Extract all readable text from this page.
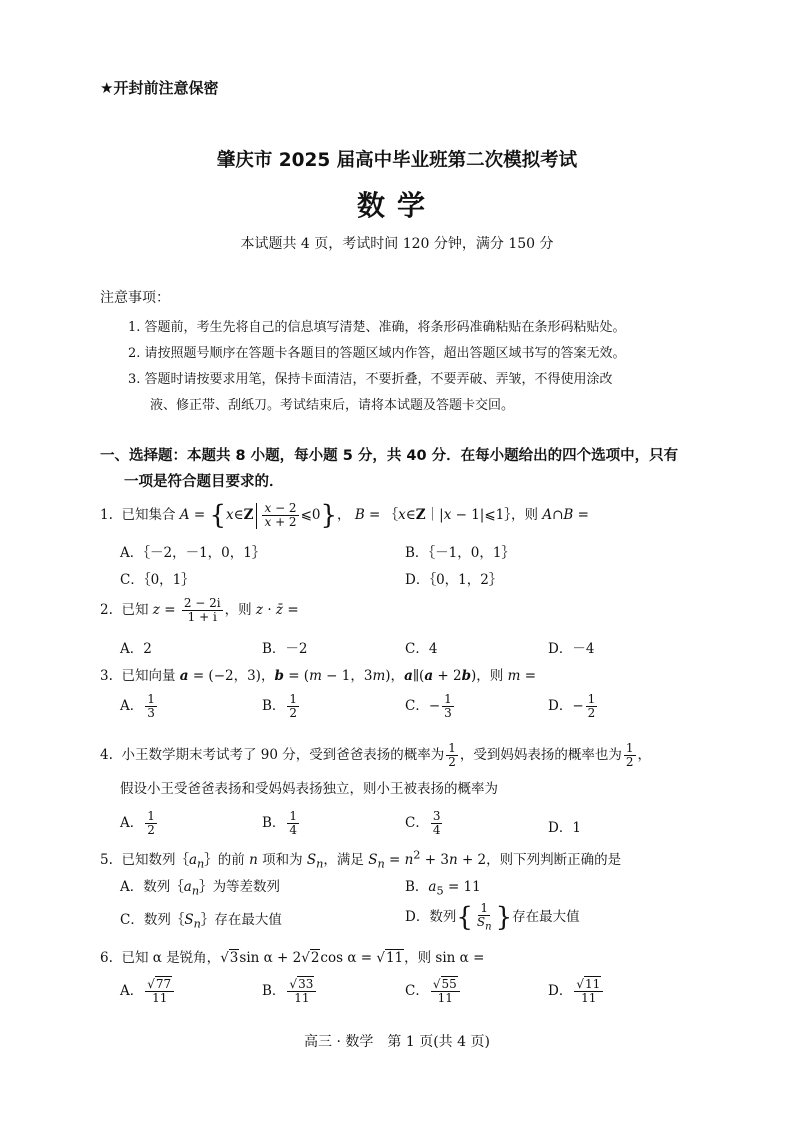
★开封前注意保密
肇庆市 2025 届高中毕业班第二次模拟考试
数学
本试题共 4 页，考试时间 120 分钟，满分 150 分
注意事项：
1. 答题前，考生先将自己的信息填写清楚、准确，将条形码准确粘贴在条形码粘贴处。
2. 请按照题号顺序在答题卡各题目的答题区域内作答，超出答题区域书写的答案无效。
3. 答题时请按要求用笔，保持卡面清洁，不要折叠，不要弄破、弄皱，不得使用涂改
液、修正带、刮纸刀。考试结束后，请将本试题及答题卡交回。
一、选择题：本题共 8 小题，每小题 5 分，共 40 分．在每小题给出的四个选项中，只有
一项是符合题目要求的．
1. 已知集合 A = {x∈Z $\frac{x - 2}{x + 2}$ ⩽0}， B = ｛x∈Z｜|x − 1|⩽1｝，则 A∩B =
A．｛－2，－1，0，1｝	B．｛－1，0，1｝
C．｛0，1｝	D．｛0，1，2｝
2. 已知 $z = \frac{2 - 2i}{1 + i}$ ，则 z · z̄ =
A．2	B．－2	C．4	D．－4
3. 已知向量 a = (−2，3)，b = (m − 1，3m)，a∥(a + 2b)，则 m =
A． $\frac{1}{3}$	B． $\frac{1}{2}$	C．− $\frac{1}{3}$	D．− $\frac{1}{2}$
4. 小王数学期末考试考了 90 分，受到爸爸表扬的概率为 $\frac{1}{2}$ ，受到妈妈表扬的概率也为 $\frac{1}{2}$ ，
假设小王受爸爸表扬和受妈妈表扬独立，则小王被表扬的概率为
A． $\frac{1}{2}$	B． $\frac{1}{4}$	C． $\frac{3}{4}$	D．1
5. 已知数列$\{a_n\}$的前 n 项和为 $S_n$，满足 $S_n = n^2 + 3n + 2$，则下列判断正确的是
A．数列$\{a_n\}$为等差数列	B．$a_5 = 11$
C．数列$\{S_n\}$存在最大值	D．数列{ $\frac{1}{S_n}$ }存在最大值
6. 已知 α 是锐角，√3sin α + 2√2cos α = √11，则 sin α =
A． $\frac{√77}{11}$	B． $\frac{√33}{11}$	C． $\frac{√55}{11}$	D． $\frac{√11}{11}$
高三 · 数学　第 1 页(共 4 页)
